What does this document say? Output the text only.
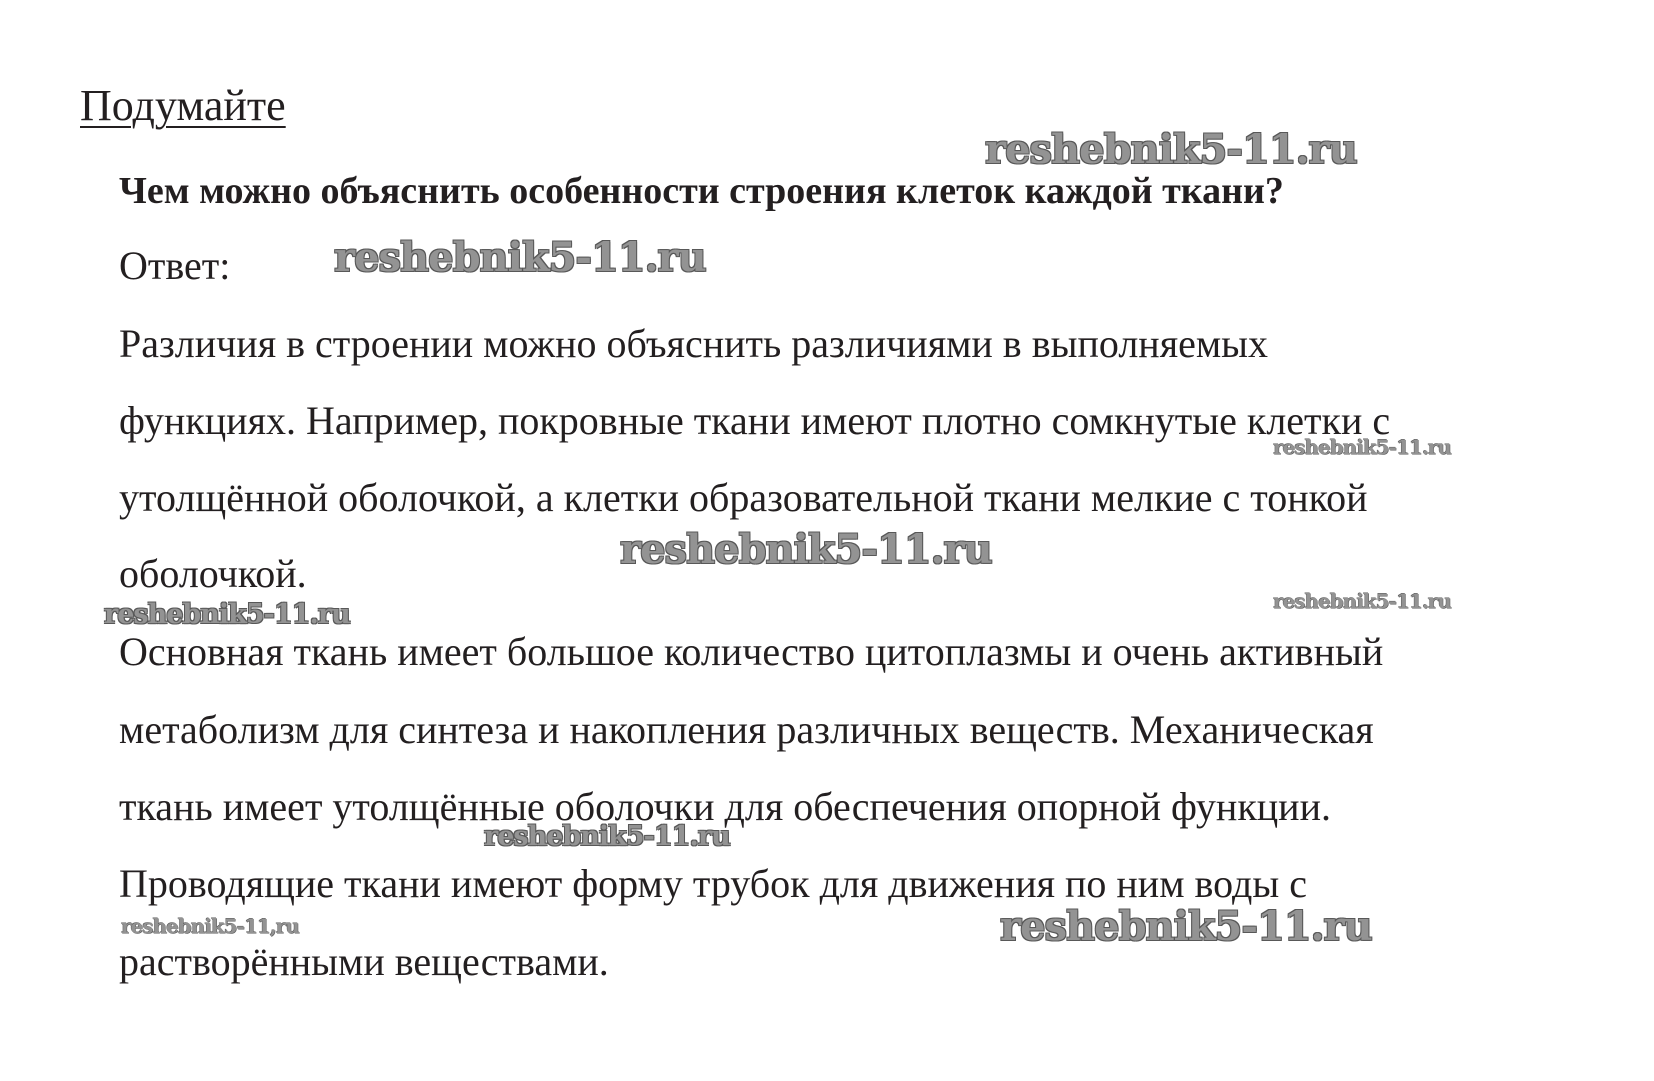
Подумайте
reshebnik5-11.ru
Чем можно объяснить особенности строения клеток каждой ткани?
Ответ:	reshebnik5-11.ru
Различия в строении можно объяснить различиями в выполняемых
функциях. Например, покровные ткани имеют плотно сомкнутые клетки с
reshebnik5-11.ru
утолщённой оболочкой, а клетки образовательной ткани мелкие с тонкой
reshebnik5-11.ru
оболочкой.
reshebnik5-11.ru	reshebnik5-11.ru
Основная ткань имеет большое количество цитоплазмы и очень активный
метаболизм для синтеза и накопления различных веществ. Механическая
ткань имеет утолщённые оболочки для обеспечения опорной функции.
reshebnik5-11.ru
Проводящие ткани имеют форму трубок для движения по ним воды с
reshebnik5-11.ru
reshebnik5-11,ru
растворёнными веществами.
